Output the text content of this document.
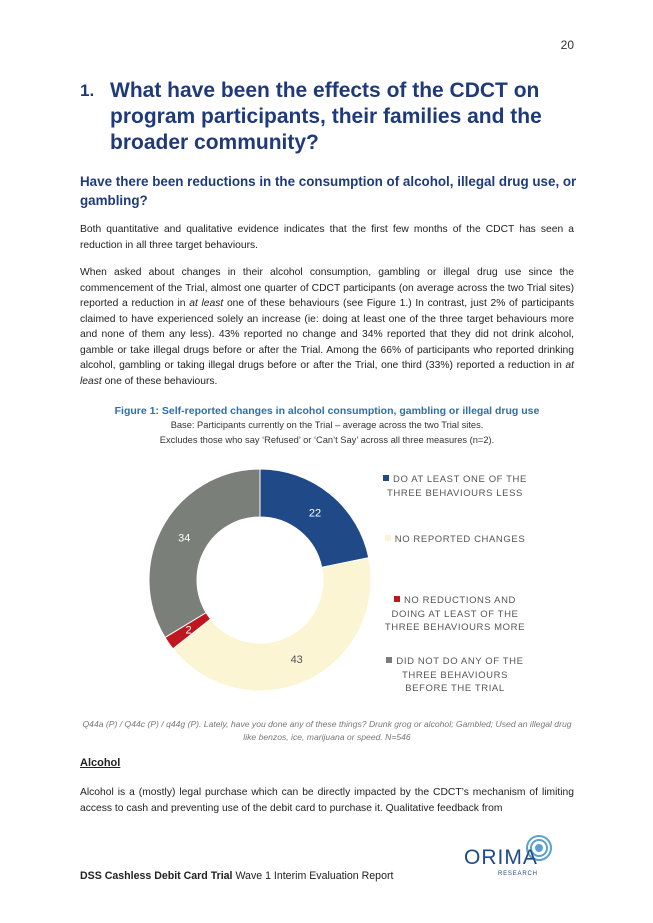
20
1. What have been the effects of the CDCT on program participants, their families and the broader community?
Have there been reductions in the consumption of alcohol, illegal drug use, or gambling?
Both quantitative and qualitative evidence indicates that the first few months of the CDCT has seen a reduction in all three target behaviours.
When asked about changes in their alcohol consumption, gambling or illegal drug use since the commencement of the Trial, almost one quarter of CDCT participants (on average across the two Trial sites) reported a reduction in at least one of these behaviours (see Figure 1.) In contrast, just 2% of participants claimed to have experienced solely an increase (ie: doing at least one of the three target behaviours more and none of them any less). 43% reported no change and 34% reported that they did not drink alcohol, gamble or take illegal drugs before or after the Trial. Among the 66% of participants who reported drinking alcohol, gambling or taking illegal drugs before or after the Trial, one third (33%) reported a reduction in at least one of these behaviours.
Figure 1: Self-reported changes in alcohol consumption, gambling or illegal drug use
Base: Participants currently on the Trial – average across the two Trial sites.
Excludes those who say ‘Refused’ or ‘Can’t Say’ across all three measures (n=2).
22
43
2
34
DO AT LEAST ONE OF THE THREE BEHAVIOURS LESS
NO REPORTED CHANGES
NO REDUCTIONS AND DOING AT LEAST OF THE THREE BEHAVIOURS MORE
DID NOT DO ANY OF THE THREE BEHAVIOURS BEFORE THE TRIAL
Q44a (P) / Q44c (P) / q44g (P). Lately, have you done any of these things? Drunk grog or alcohol; Gambled; Used an illegal drug like benzos, ice, marijuana or speed. N=546
Alcohol
Alcohol is a (mostly) legal purchase which can be directly impacted by the CDCT’s mechanism of limiting access to cash and preventing use of the debit card to purchase it. Qualitative feedback from
DSS Cashless Debit Card Trial Wave 1 Interim Evaluation Report
ORIMA
RESEARCH
